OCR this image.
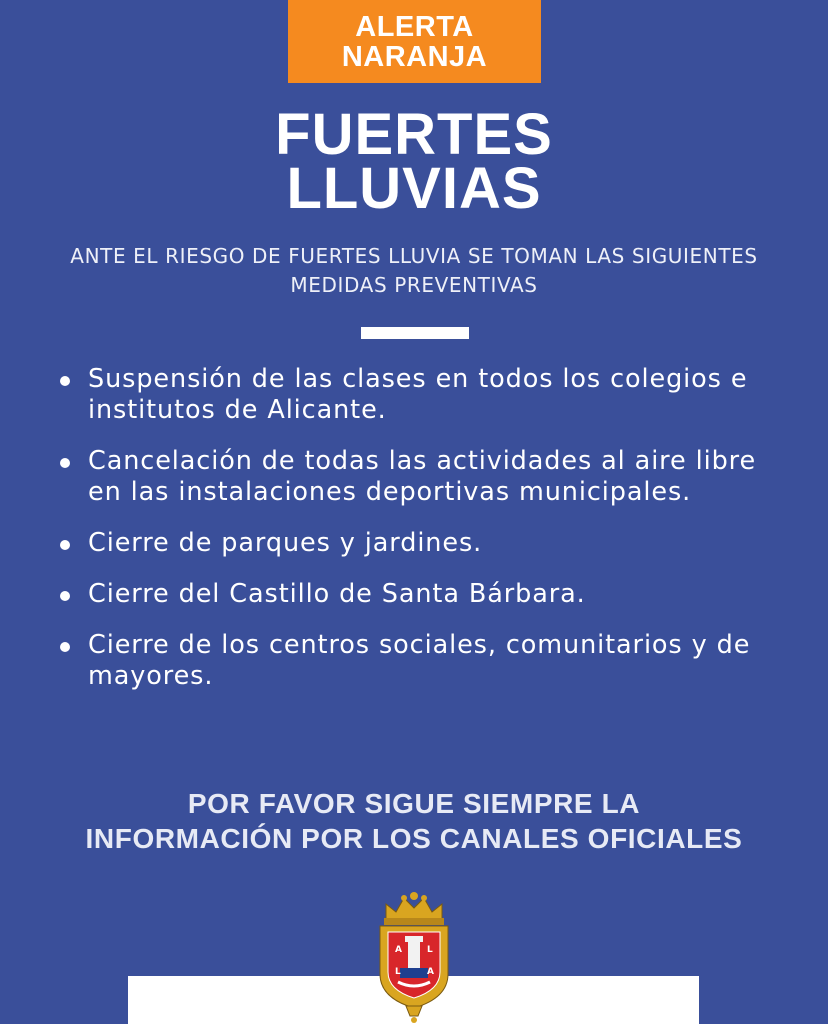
ALERTA
NARANJA
FUERTES
LLUVIAS

ANTE EL RIESGO DE FUERTES LLUVIA SE TOMAN LAS SIGUIENTES MEDIDAS PREVENTIVAS

Suspensión de las clases en todos los colegios e institutos de Alicante.
Cancelación de todas las actividades al aire libre en las instalaciones deportivas municipales.
Cierre de parques y jardines.
Cierre del Castillo de Santa Bárbara.
Cierre de los centros sociales, comunitarios y de mayores.
POR FAVOR SIGUE SIEMPRE LA
INFORMACIÓN POR LOS CANALES OFICIALES
A	L
L	A
